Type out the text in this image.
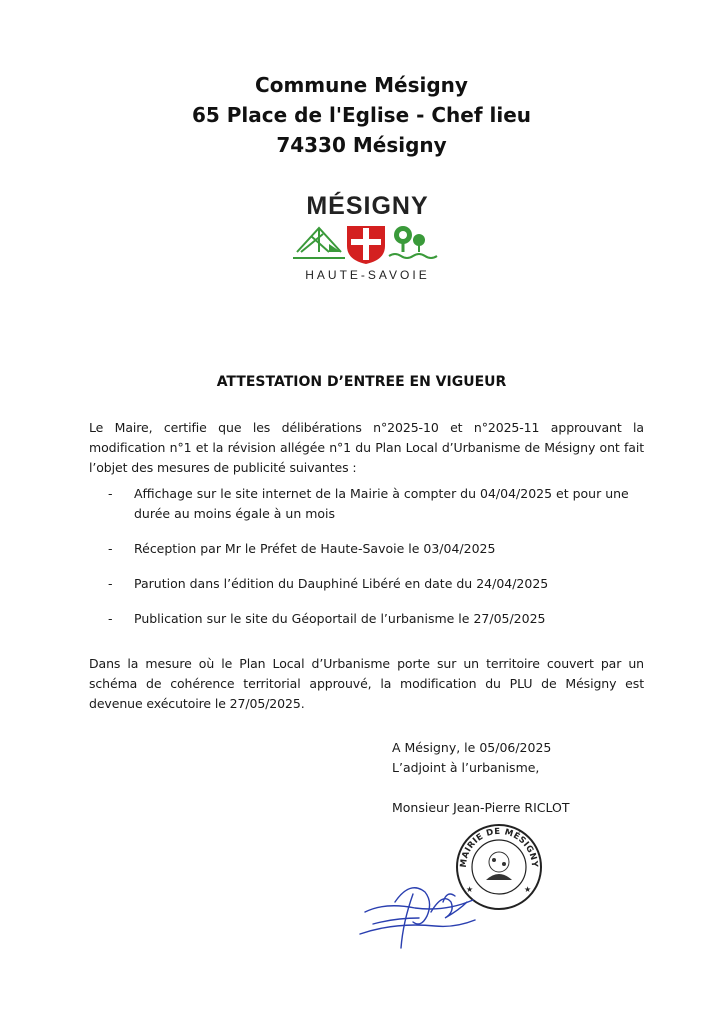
Commune Mésigny
65 Place de l'Eglise - Chef lieu
74330 Mésigny
MÉSIGNY
HAUTE-SAVOIE
ATTESTATION D’ENTREE EN VIGUEUR
Le Maire, certifie que les délibérations n°2025-10 et n°2025-11 approuvant la modification n°1 et la révision allégée n°1 du Plan Local d’Urbanisme de Mésigny ont fait l’objet des mesures de publicité suivantes :
- Affichage sur le site internet de la Mairie à compter du 04/04/2025 et pour une durée au moins égale à un mois
- Réception par Mr le Préfet de Haute-Savoie le 03/04/2025
- Parution dans l’édition du Dauphiné Libéré en date du 24/04/2025
- Publication sur le site du Géoportail de l’urbanisme le 27/05/2025
Dans la mesure où le Plan Local d’Urbanisme porte sur un territoire couvert par un schéma de cohérence territorial approuvé, la modification du PLU de Mésigny est devenue exécutoire le 27/05/2025.
A Mésigny, le 05/06/2025
L’adjoint à l’urbanisme,
Monsieur Jean-Pierre RICLOT
MAIRIE DE MÉSIGNY
★	★
